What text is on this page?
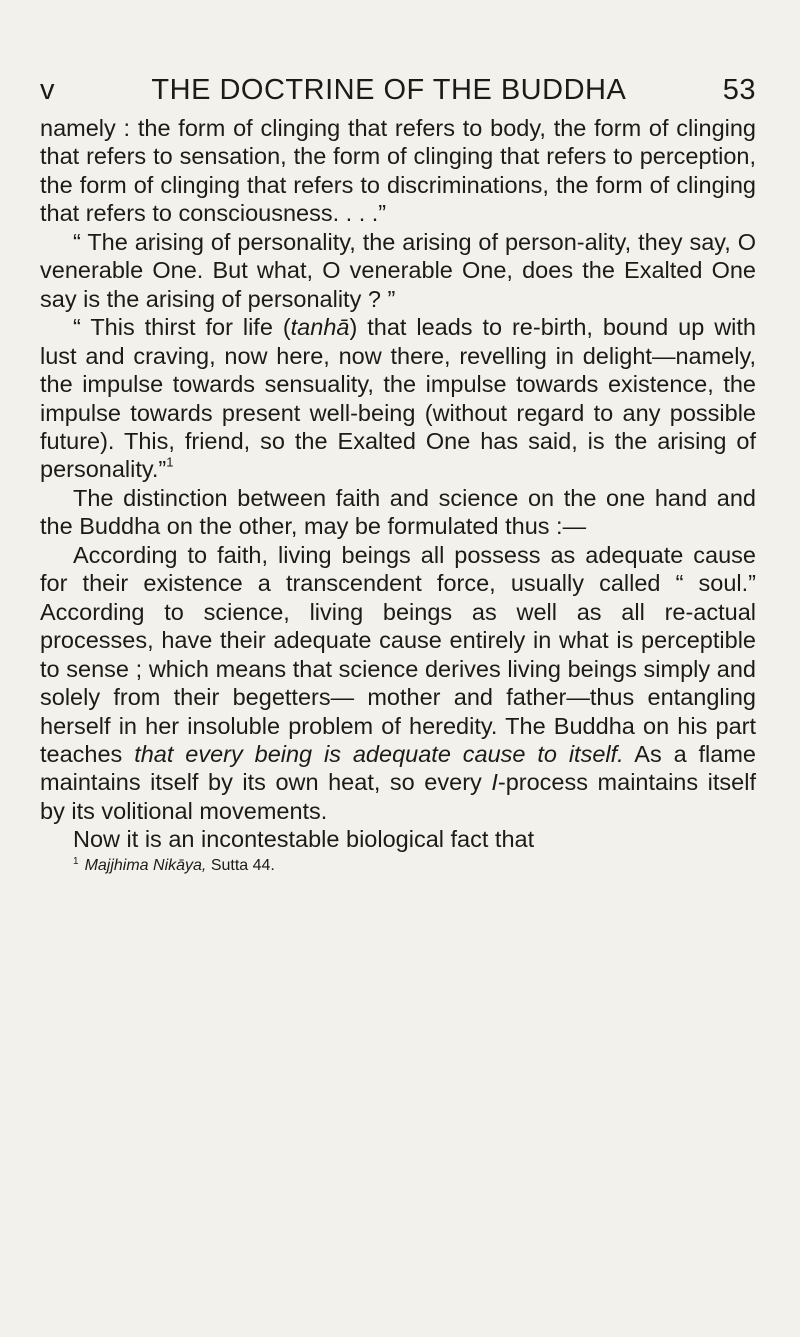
v	THE DOCTRINE OF THE BUDDHA	53

namely : the form of clinging that refers to body, the form of clinging that refers to sensation, the form of clinging that refers to perception, the form of clinging that refers to discriminations, the form of clinging that refers to consciousness. . . .”

“ The arising of personality, the arising of person-ality, they say, O venerable One. But what, O venerable One, does the Exalted One say is the arising of personality ? ”

“ This thirst for life (tanhā) that leads to re-birth, bound up with lust and craving, now here, now there, revelling in delight—namely, the impulse towards sensuality, the impulse towards existence, the impulse towards present well-being (without regard to any possible future). This, friend, so the Exalted One has said, is the arising of personality.”$^1$

The distinction between faith and science on the one hand and the Buddha on the other, may be formulated thus :—

According to faith, living beings all possess as adequate cause for their existence a transcendent force, usually called “ soul.” According to science, living beings as well as all re-actual processes, have their adequate cause entirely in what is perceptible to sense ; which means that science derives living beings simply and solely from their begetters— mother and father—thus entangling herself in her insoluble problem of heredity. The Buddha on his part teaches that every being is adequate cause to itself. As a flame maintains itself by its own heat, so every I-process maintains itself by its volitional movements.

Now it is an incontestable biological fact that

$^1$ Majjhima Nikāya, Sutta 44.
